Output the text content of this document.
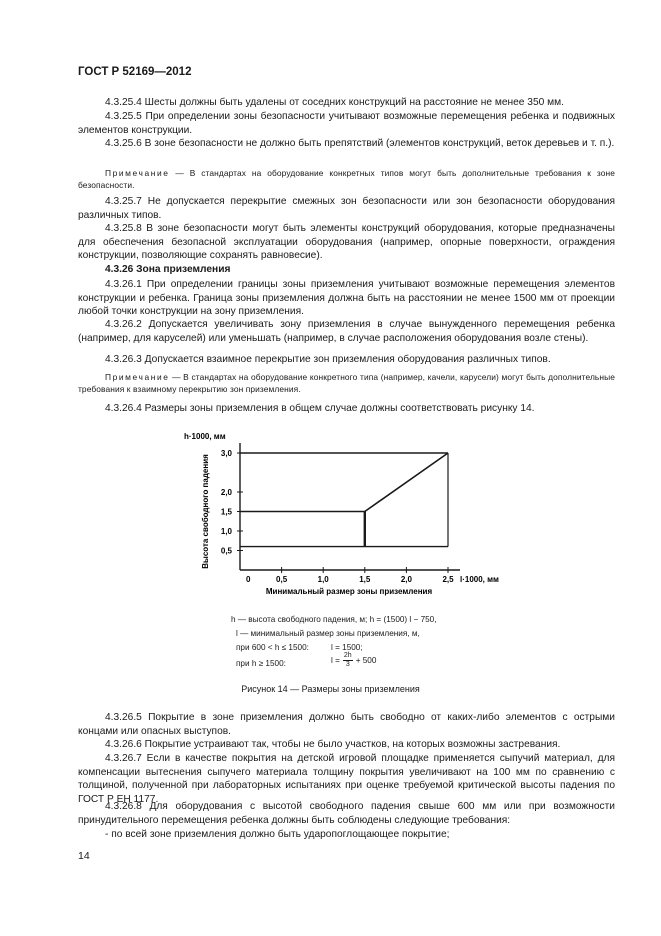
ГОСТ Р 52169—2012
4.3.25.4 Шесты должны быть удалены от соседних конструкций на расстояние не менее 350 мм.
4.3.25.5 При определении зоны безопасности учитывают возможные перемещения ребенка и подвижных элементов конструкции.
4.3.25.6 В зоне безопасности не должно быть препятствий (элементов конструкций, веток деревьев и т. п.).
Примечание — В стандартах на оборудование конкретных типов могут быть дополнительные требования к зоне безопасности.
4.3.25.7 Не допускается перекрытие смежных зон безопасности или зон безопасности оборудования различных типов.
4.3.25.8 В зоне безопасности могут быть элементы конструкций оборудования, которые предназначены для обеспечения безопасной эксплуатации оборудования (например, опорные поверхности, ограждения конструкции, позволяющие сохранять равновесие).
4.3.26 Зона приземления
4.3.26.1 При определении границы зоны приземления учитывают возможные перемещения элементов конструкции и ребенка. Граница зоны приземления должна быть на расстоянии не менее 1500 мм от проекции любой точки конструкции на зону приземления.
4.3.26.2 Допускается увеличивать зону приземления в случае вынужденного перемещения ребенка (например, для каруселей) или уменьшать (например, в случае расположения оборудования возле стены).
4.3.26.3 Допускается взаимное перекрытие зон приземления оборудования различных типов.
Примечание — В стандартах на оборудование конкретного типа (например, качели, карусели) могут быть дополнительные требования к взаимному перекрытию зон приземления.
4.3.26.4 Размеры зоны приземления в общем случае должны соответствовать рисунку 14.
0	0,5	1,0	1,5	2,0	2,5
0,5
1,0
1,5
2,0
3,0
h·1000, мм
l·1000, мм
Минимальный размер зоны приземления
Высота свободного падения
h — высота свободного падения, м; h = (1500) l − 750,
l — минимальный размер зоны приземления, м,
при 600 < h ≤ 1500:	l = 1500;
при h ≥ 1500:	$l = \frac{2h}{3} + 500$
Рисунок 14 — Размеры зоны приземления
4.3.26.5 Покрытие в зоне приземления должно быть свободно от каких-либо элементов с острыми концами или опасных выступов.
4.3.26.6 Покрытие устраивают так, чтобы не было участков, на которых возможны застревания.
4.3.26.7 Если в качестве покрытия на детской игровой площадке применяется сыпучий материал, для компенсации вытеснения сыпучего материала толщину покрытия увеличивают на 100 мм по сравнению с толщиной, полученной при лабораторных испытаниях при оценке требуемой критической высоты падения по ГОСТ Р ЕН 1177.
4.3.26.8 Для оборудования с высотой свободного падения свыше 600 мм или при возможности принудительного перемещения ребенка должны быть соблюдены следующие требования:
- по всей зоне приземления должно быть ударопоглощающее покрытие;
14
